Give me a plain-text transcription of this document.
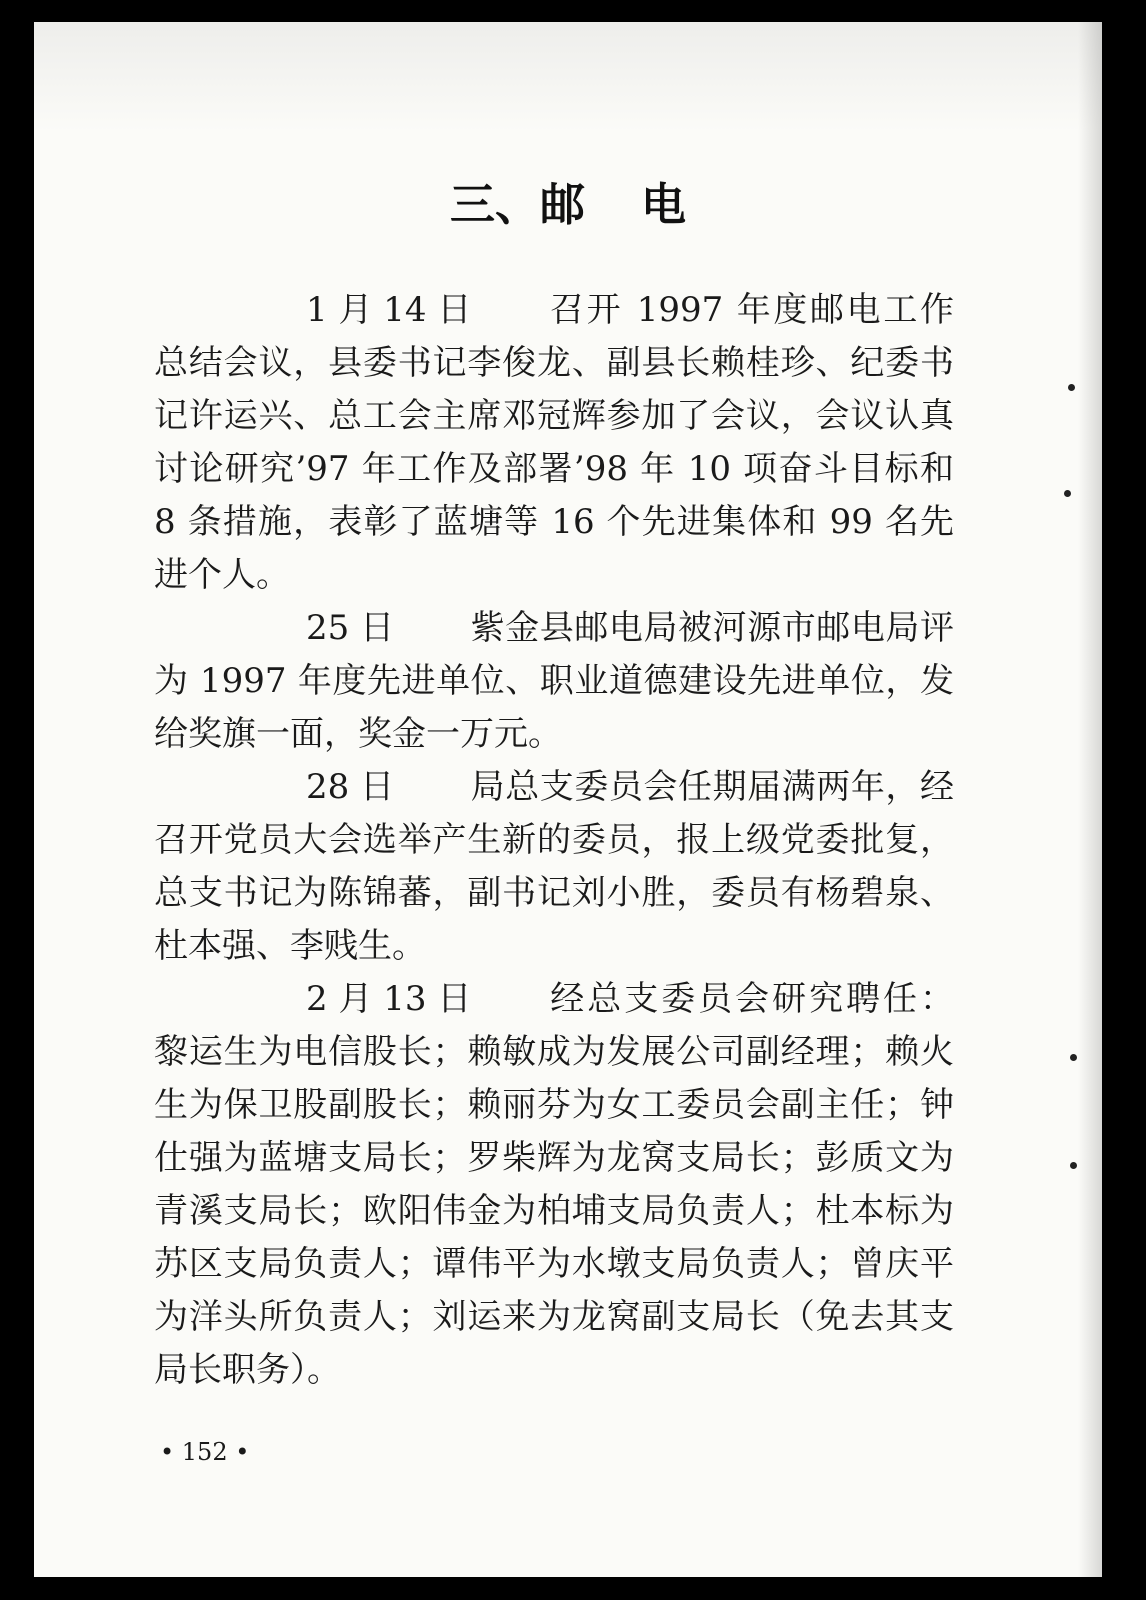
三、邮 电

1 月 14 日 召开 1997 年度邮电工作总结会议，县委书记李俊龙、副县长赖桂珍、纪委书记许运兴、总工会主席邓冠辉参加了会议，会议认真讨论研究’97 年工作及部署’98 年 10 项奋斗目标和 8 条措施，表彰了蓝塘等 16 个先进集体和 99 名先进个人。

25 日 紫金县邮电局被河源市邮电局评为 1997 年度先进单位、职业道德建设先进单位，发给奖旗一面，奖金一万元。

28 日 局总支委员会任期届满两年，经召开党员大会选举产生新的委员，报上级党委批复，总支书记为陈锦蕃，副书记刘小胜，委员有杨碧泉、杜本强、李贱生。

2 月 13 日 经总支委员会研究聘任：黎运生为电信股长；赖敏成为发展公司副经理；赖火生为保卫股副股长；赖丽芬为女工委员会副主任；钟仕强为蓝塘支局长；罗柴辉为龙窝支局长；彭质文为青溪支局长；欧阳伟金为柏埔支局负责人；杜本标为苏区支局负责人；谭伟平为水墩支局负责人；曾庆平为洋头所负责人；刘运来为龙窝副支局长（免去其支局长职务）。

• 152 •
